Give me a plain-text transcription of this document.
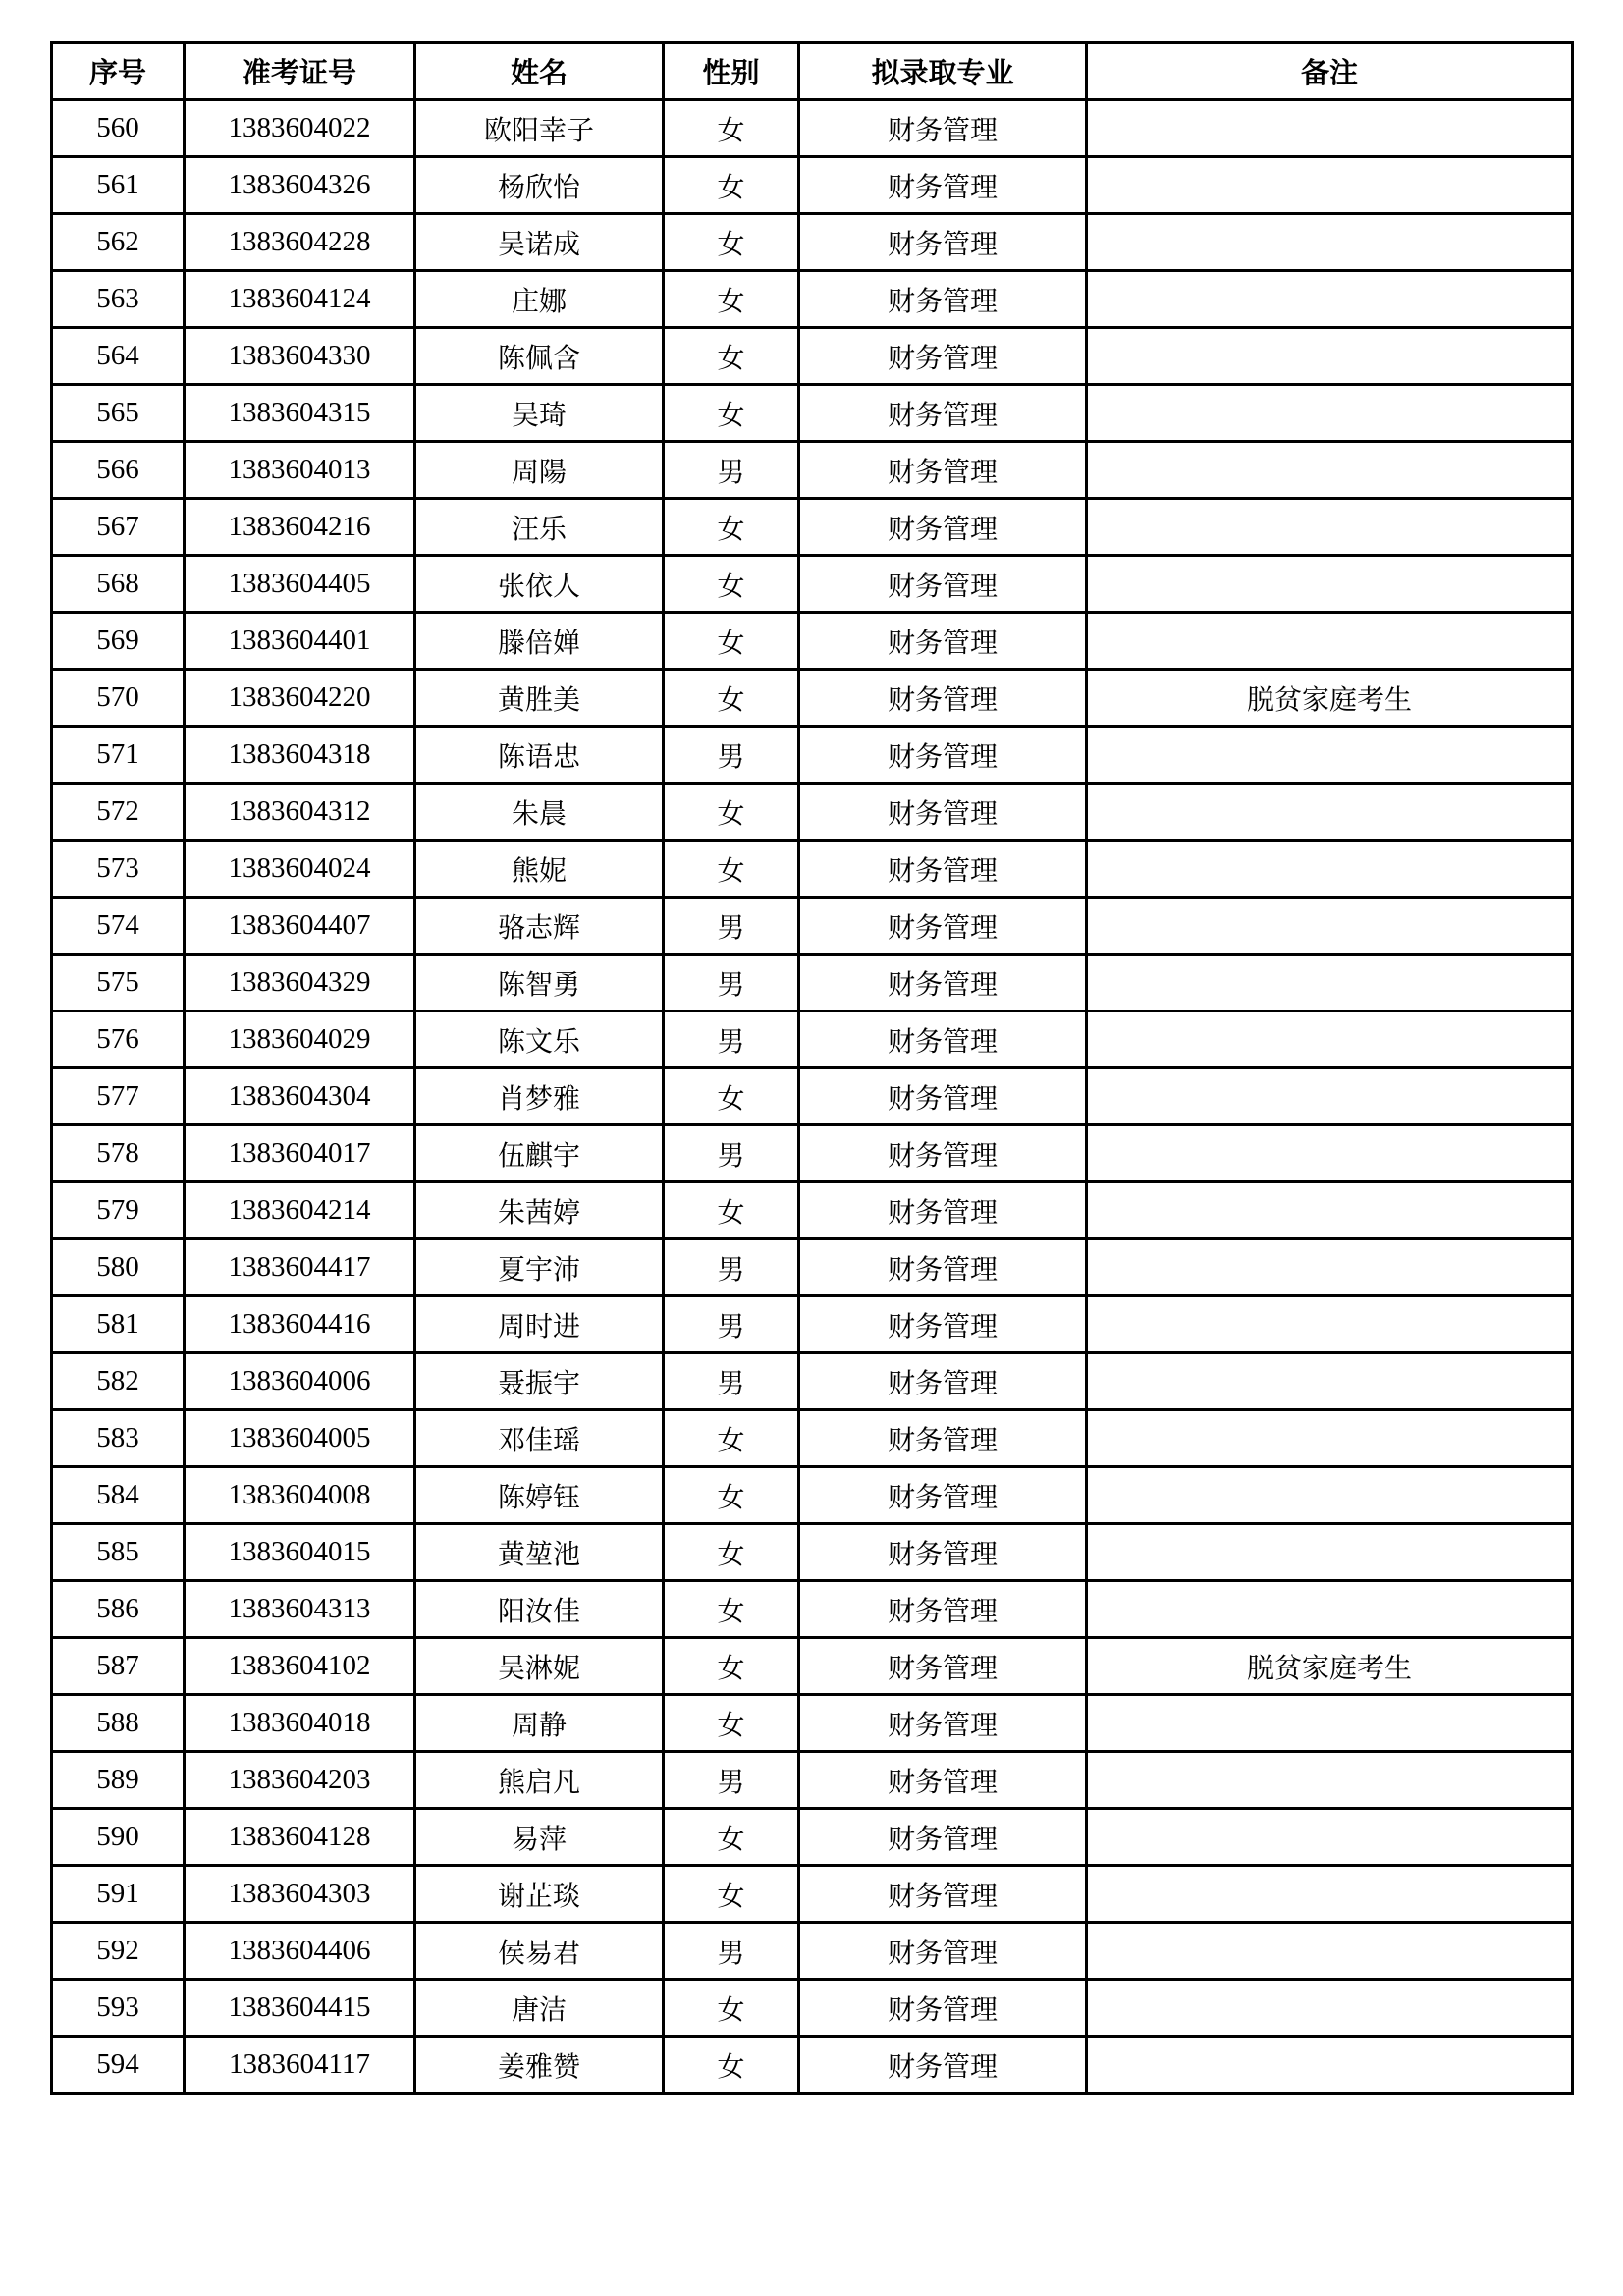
序号	准考证号	姓名	性别	拟录取专业	备注
560	1383604022	欧阳幸子	女	财务管理	
561	1383604326	杨欣怡	女	财务管理	
562	1383604228	吴诺成	女	财务管理	
563	1383604124	庄娜	女	财务管理	
564	1383604330	陈佩含	女	财务管理	
565	1383604315	吴琦	女	财务管理	
566	1383604013	周陽	男	财务管理	
567	1383604216	汪乐	女	财务管理	
568	1383604405	张依人	女	财务管理	
569	1383604401	滕倍婵	女	财务管理	
570	1383604220	黄胜美	女	财务管理	脱贫家庭考生
571	1383604318	陈语忠	男	财务管理	
572	1383604312	朱晨	女	财务管理	
573	1383604024	熊妮	女	财务管理	
574	1383604407	骆志辉	男	财务管理	
575	1383604329	陈智勇	男	财务管理	
576	1383604029	陈文乐	男	财务管理	
577	1383604304	肖梦雅	女	财务管理	
578	1383604017	伍麒宇	男	财务管理	
579	1383604214	朱茜婷	女	财务管理	
580	1383604417	夏宇沛	男	财务管理	
581	1383604416	周时进	男	财务管理	
582	1383604006	聂振宇	男	财务管理	
583	1383604005	邓佳瑶	女	财务管理	
584	1383604008	陈婷钰	女	财务管理	
585	1383604015	黄堃池	女	财务管理	
586	1383604313	阳汝佳	女	财务管理	
587	1383604102	吴淋妮	女	财务管理	脱贫家庭考生
588	1383604018	周静	女	财务管理	
589	1383604203	熊启凡	男	财务管理	
590	1383604128	易萍	女	财务管理	
591	1383604303	谢芷琰	女	财务管理	
592	1383604406	侯易君	男	财务管理	
593	1383604415	唐洁	女	财务管理	
594	1383604117	姜雅赞	女	财务管理	
